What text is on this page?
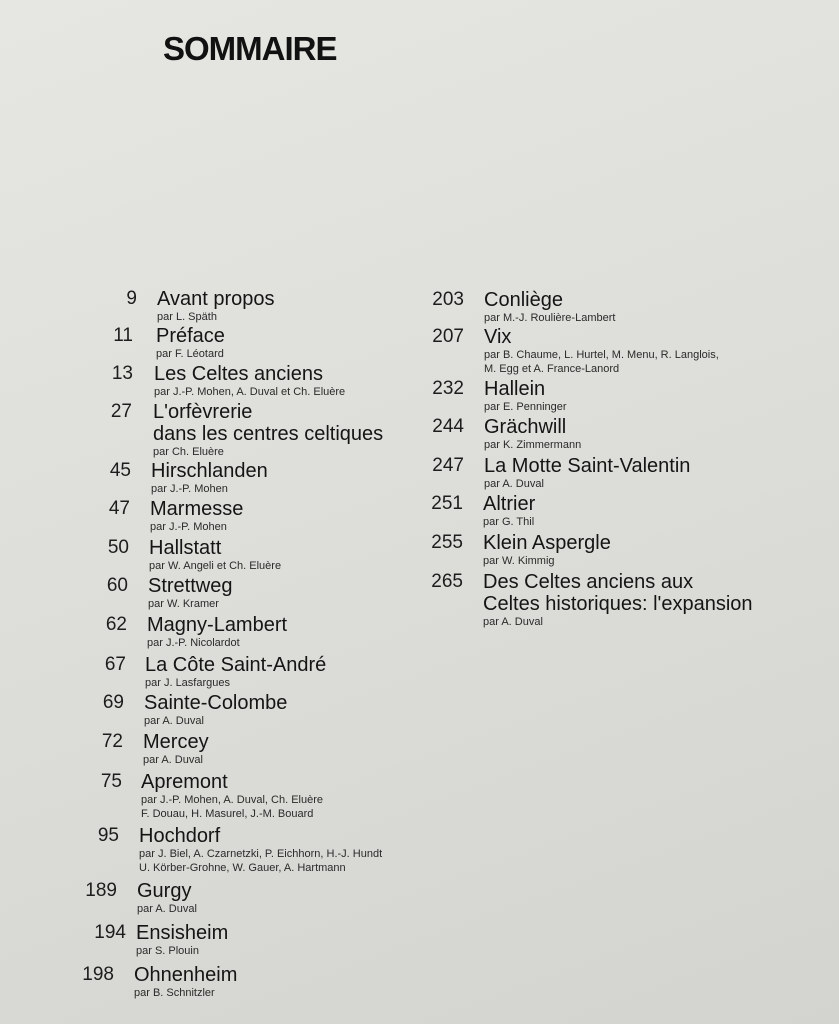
SOMMAIRE
9 Avant propos
par L. Späth
11 Préface
par F. Léotard
13 Les Celtes anciens
par J.-P. Mohen, A. Duval et Ch. Eluère
27 L'orfèvrerie
dans les centres celtiques
par Ch. Eluère
45 Hirschlanden
par J.-P. Mohen
47 Marmesse
par J.-P. Mohen
50 Hallstatt
par W. Angeli et Ch. Eluère
60 Strettweg
par W. Kramer
62 Magny-Lambert
par J.-P. Nicolardot
67 La Côte Saint-André
par J. Lasfargues
69 Sainte-Colombe
par A. Duval
72 Mercey
par A. Duval
75 Apremont
par J.-P. Mohen, A. Duval, Ch. Eluère
F. Douau, H. Masurel, J.-M. Bouard
95 Hochdorf
par J. Biel, A. Czarnetzki, P. Eichhorn, H.-J. Hundt
U. Körber-Grohne, W. Gauer, A. Hartmann
189 Gurgy
par A. Duval
194 Ensisheim
par S. Plouin
198 Ohnenheim
par B. Schnitzler
203 Conliège
par M.-J. Roulière-Lambert
207 Vix
par B. Chaume, L. Hurtel, M. Menu, R. Langlois,
M. Egg et A. France-Lanord
232 Hallein
par E. Penninger
244 Grächwill
par K. Zimmermann
247 La Motte Saint-Valentin
par A. Duval
251 Altrier
par G. Thil
255 Klein Aspergle
par W. Kimmig
265 Des Celtes anciens aux
Celtes historiques: l'expansion
par A. Duval
